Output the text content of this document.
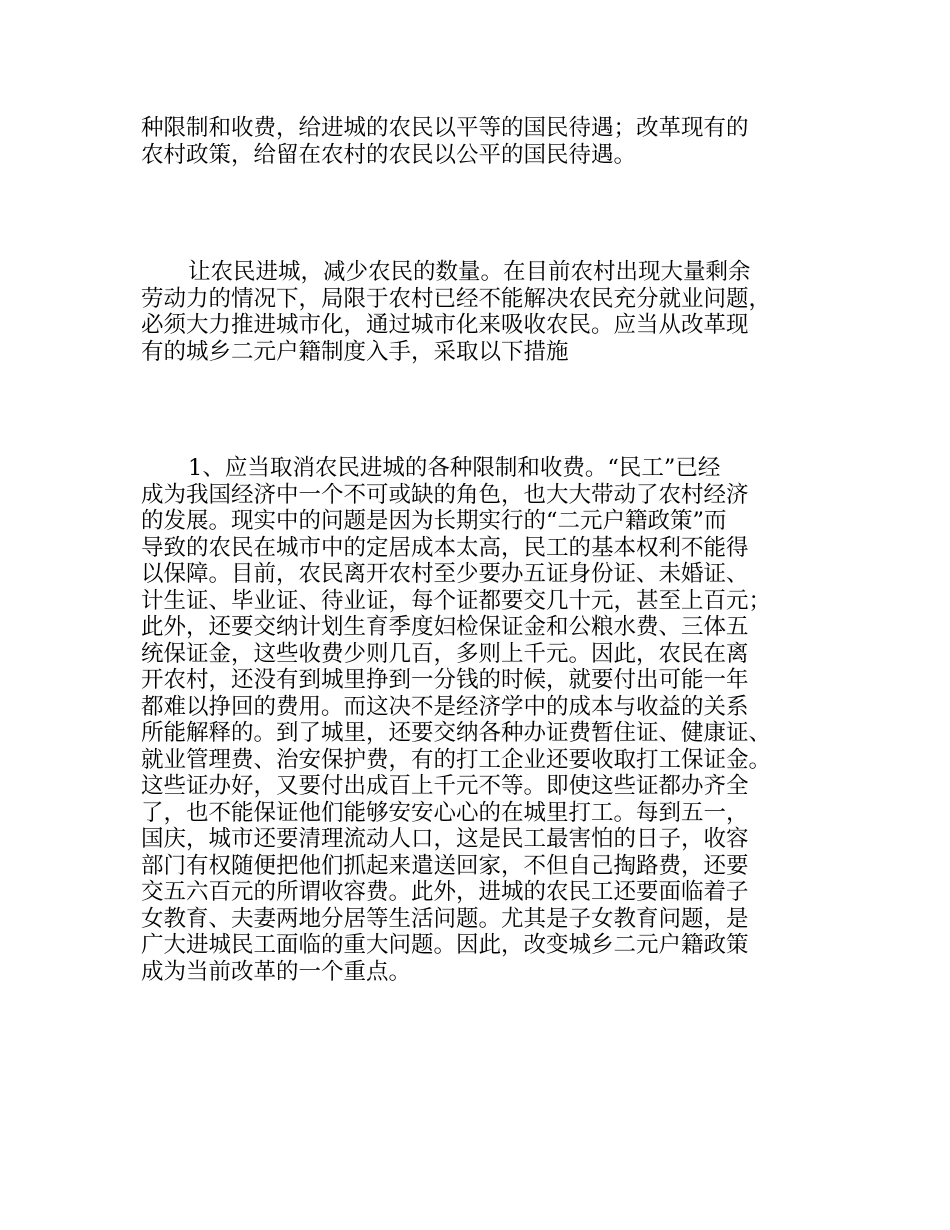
种限制和收费，给进城的农民以平等的国民待遇；改革现有的
农村政策，给留在农村的农民以公平的国民待遇。
让农民进城，减少农民的数量。在目前农村出现大量剩余
劳动力的情况下，局限于农村已经不能解决农民充分就业问题，
必须大力推进城市化，通过城市化来吸收农民。应当从改革现
有的城乡二元户籍制度入手，采取以下措施
1、应当取消农民进城的各种限制和收费。“民工”已经
成为我国经济中一个不可或缺的角色，也大大带动了农村经济
的发展。现实中的问题是因为长期实行的“二元户籍政策”而
导致的农民在城市中的定居成本太高，民工的基本权利不能得
以保障。目前，农民离开农村至少要办五证身份证、未婚证、
计生证、毕业证、待业证，每个证都要交几十元，甚至上百元；
此外，还要交纳计划生育季度妇检保证金和公粮水费、三体五
统保证金，这些收费少则几百，多则上千元。因此，农民在离
开农村，还没有到城里挣到一分钱的时候，就要付出可能一年
都难以挣回的费用。而这决不是经济学中的成本与收益的关系
所能解释的。到了城里，还要交纳各种办证费暂住证、健康证、
就业管理费、治安保护费，有的打工企业还要收取打工保证金。
这些证办好，又要付出成百上千元不等。即使这些证都办齐全
了，也不能保证他们能够安安心心的在城里打工。每到五一，
国庆，城市还要清理流动人口，这是民工最害怕的日子，收容
部门有权随便把他们抓起来遣送回家，不但自己掏路费，还要
交五六百元的所谓收容费。此外，进城的农民工还要面临着子
女教育、夫妻两地分居等生活问题。尤其是子女教育问题，是
广大进城民工面临的重大问题。因此，改变城乡二元户籍政策
成为当前改革的一个重点。
